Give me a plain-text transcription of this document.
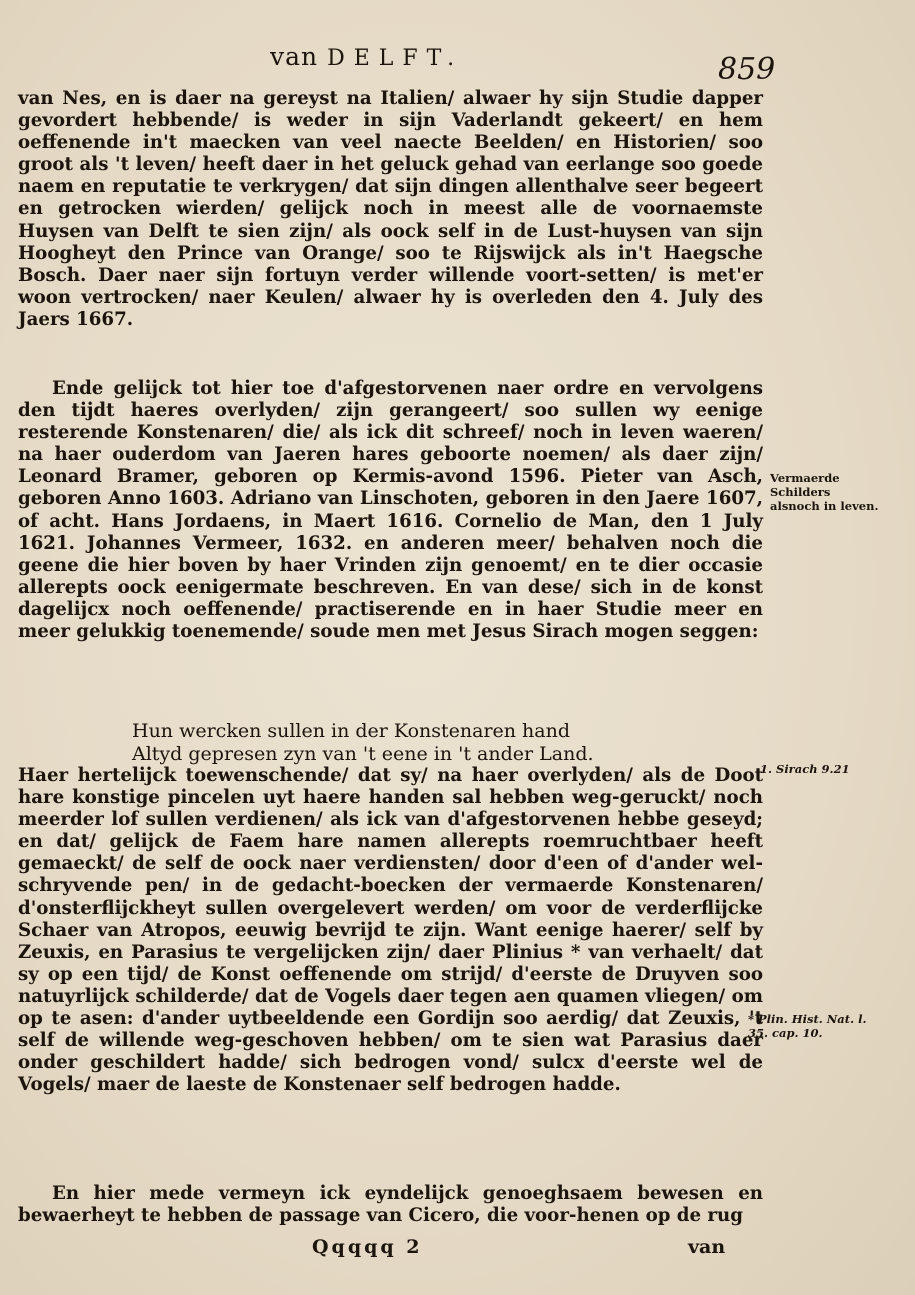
van DELFT.	859

van Nes, en is daer na gereyst na Italien/ alwaer hy sijn Studie dapper gevordert hebbende/ is weder in sijn Vaderlandt gekeert/ en hem oeffenende in't maecken van veel naecte Beelden/ en Historien/ soo groot als 't leven/ heeft daer in het geluck gehad van eerlange soo goede naem en reputatie te verkrygen/ dat sijn dingen allenthalve seer begeert en getrocken wierden/ gelijck noch in meest alle de voornaemste Huysen van Delft te sien zijn/ als oock self in de Lust-huysen van sijn Hoogheyt den Prince van Orange/ soo te Rijswijck als in't Haegsche Bosch. Daer naer sijn fortuyn verder willende voort-setten/ is met'er woon vertrocken/ naer Keulen/ alwaer hy is overleden den 4. July des Jaers 1667.

Ende gelijck tot hier toe d'afgestorvenen naer ordre en vervolgens den tijdt haeres overlyden/ zijn gerangeert/ soo sullen wy eenige resterende Konstenaren/ die/ als ick dit schreef/ noch in leven waeren/ na haer ouderdom van Jaeren hares geboorte noemen/ als daer zijn/ Leonard Bramer, geboren op Kermis-avond 1596. Pieter van Asch, geboren Anno 1603. Adriano van Linschoten, geboren in den Jaere 1607, of acht. Hans Jordaens, in Maert 1616. Cornelio de Man, den 1 July 1621. Johannes Vermeer, 1632. en anderen meer/ behalven noch die geene die hier boven by haer Vrinden zijn genoemt/ en te dier occasie allerepts oock eenigermate beschreven. En van dese/ sich in de konst dagelijcx noch oeffenende/ practiserende en in haer Studie meer en meer gelukkig toenemende/ soude men met Jesus Sirach mogen seggen:

Hun wercken sullen in der Konstenaren hand
Altyd gepresen zyn van 't eene in 't ander Land.

Haer hertelijck toewenschende/ dat sy/ na haer overlyden/ als de Doot hare konstige pincelen uyt haere handen sal hebben weg-geruckt/ noch meerder lof sullen verdienen/ als ick van d'afgestorvenen hebbe geseyd; en dat/ gelijck de Faem hare namen allerepts roemruchtbaer heeft gemaeckt/ de self de oock naer verdiensten/ door d'een of d'ander wel-schryvende pen/ in de gedacht-boecken der vermaerde Konstenaren/ d'onsterflijckheyt sullen overgelevert werden/ om voor de verderflijcke Schaer van Atropos, eeuwig bevrijd te zijn. Want eenige haerer/ self by Zeuxis, en Parasius te vergelijcken zijn/ daer Plinius * van verhaelt/ dat sy op een tijd/ de Konst oeffenende om strijd/ d'eerste de Druyven soo natuyrlijck schilderde/ dat de Vogels daer tegen aen quamen vliegen/ om op te asen: d'ander uytbeeldende een Gordijn soo aerdig/ dat Zeuxis, 't self de willende weg-geschoven hebben/ om te sien wat Parasius daer onder geschildert hadde/ sich bedrogen vond/ sulcx d'eerste wel de Vogels/ maer de laeste de Konstenaer self bedrogen hadde.

En hier mede vermeyn ick eyndelijck genoeghsaem bewesen en bewaerheyt te hebben de passage van Cicero, die voor-henen op de rug

Vermaerde Schilders alsnoch in leven.
1. Sirach 9.21
* Plin. Hist. Nat. l. 35. cap. 10.
Qqqqq 2	van
